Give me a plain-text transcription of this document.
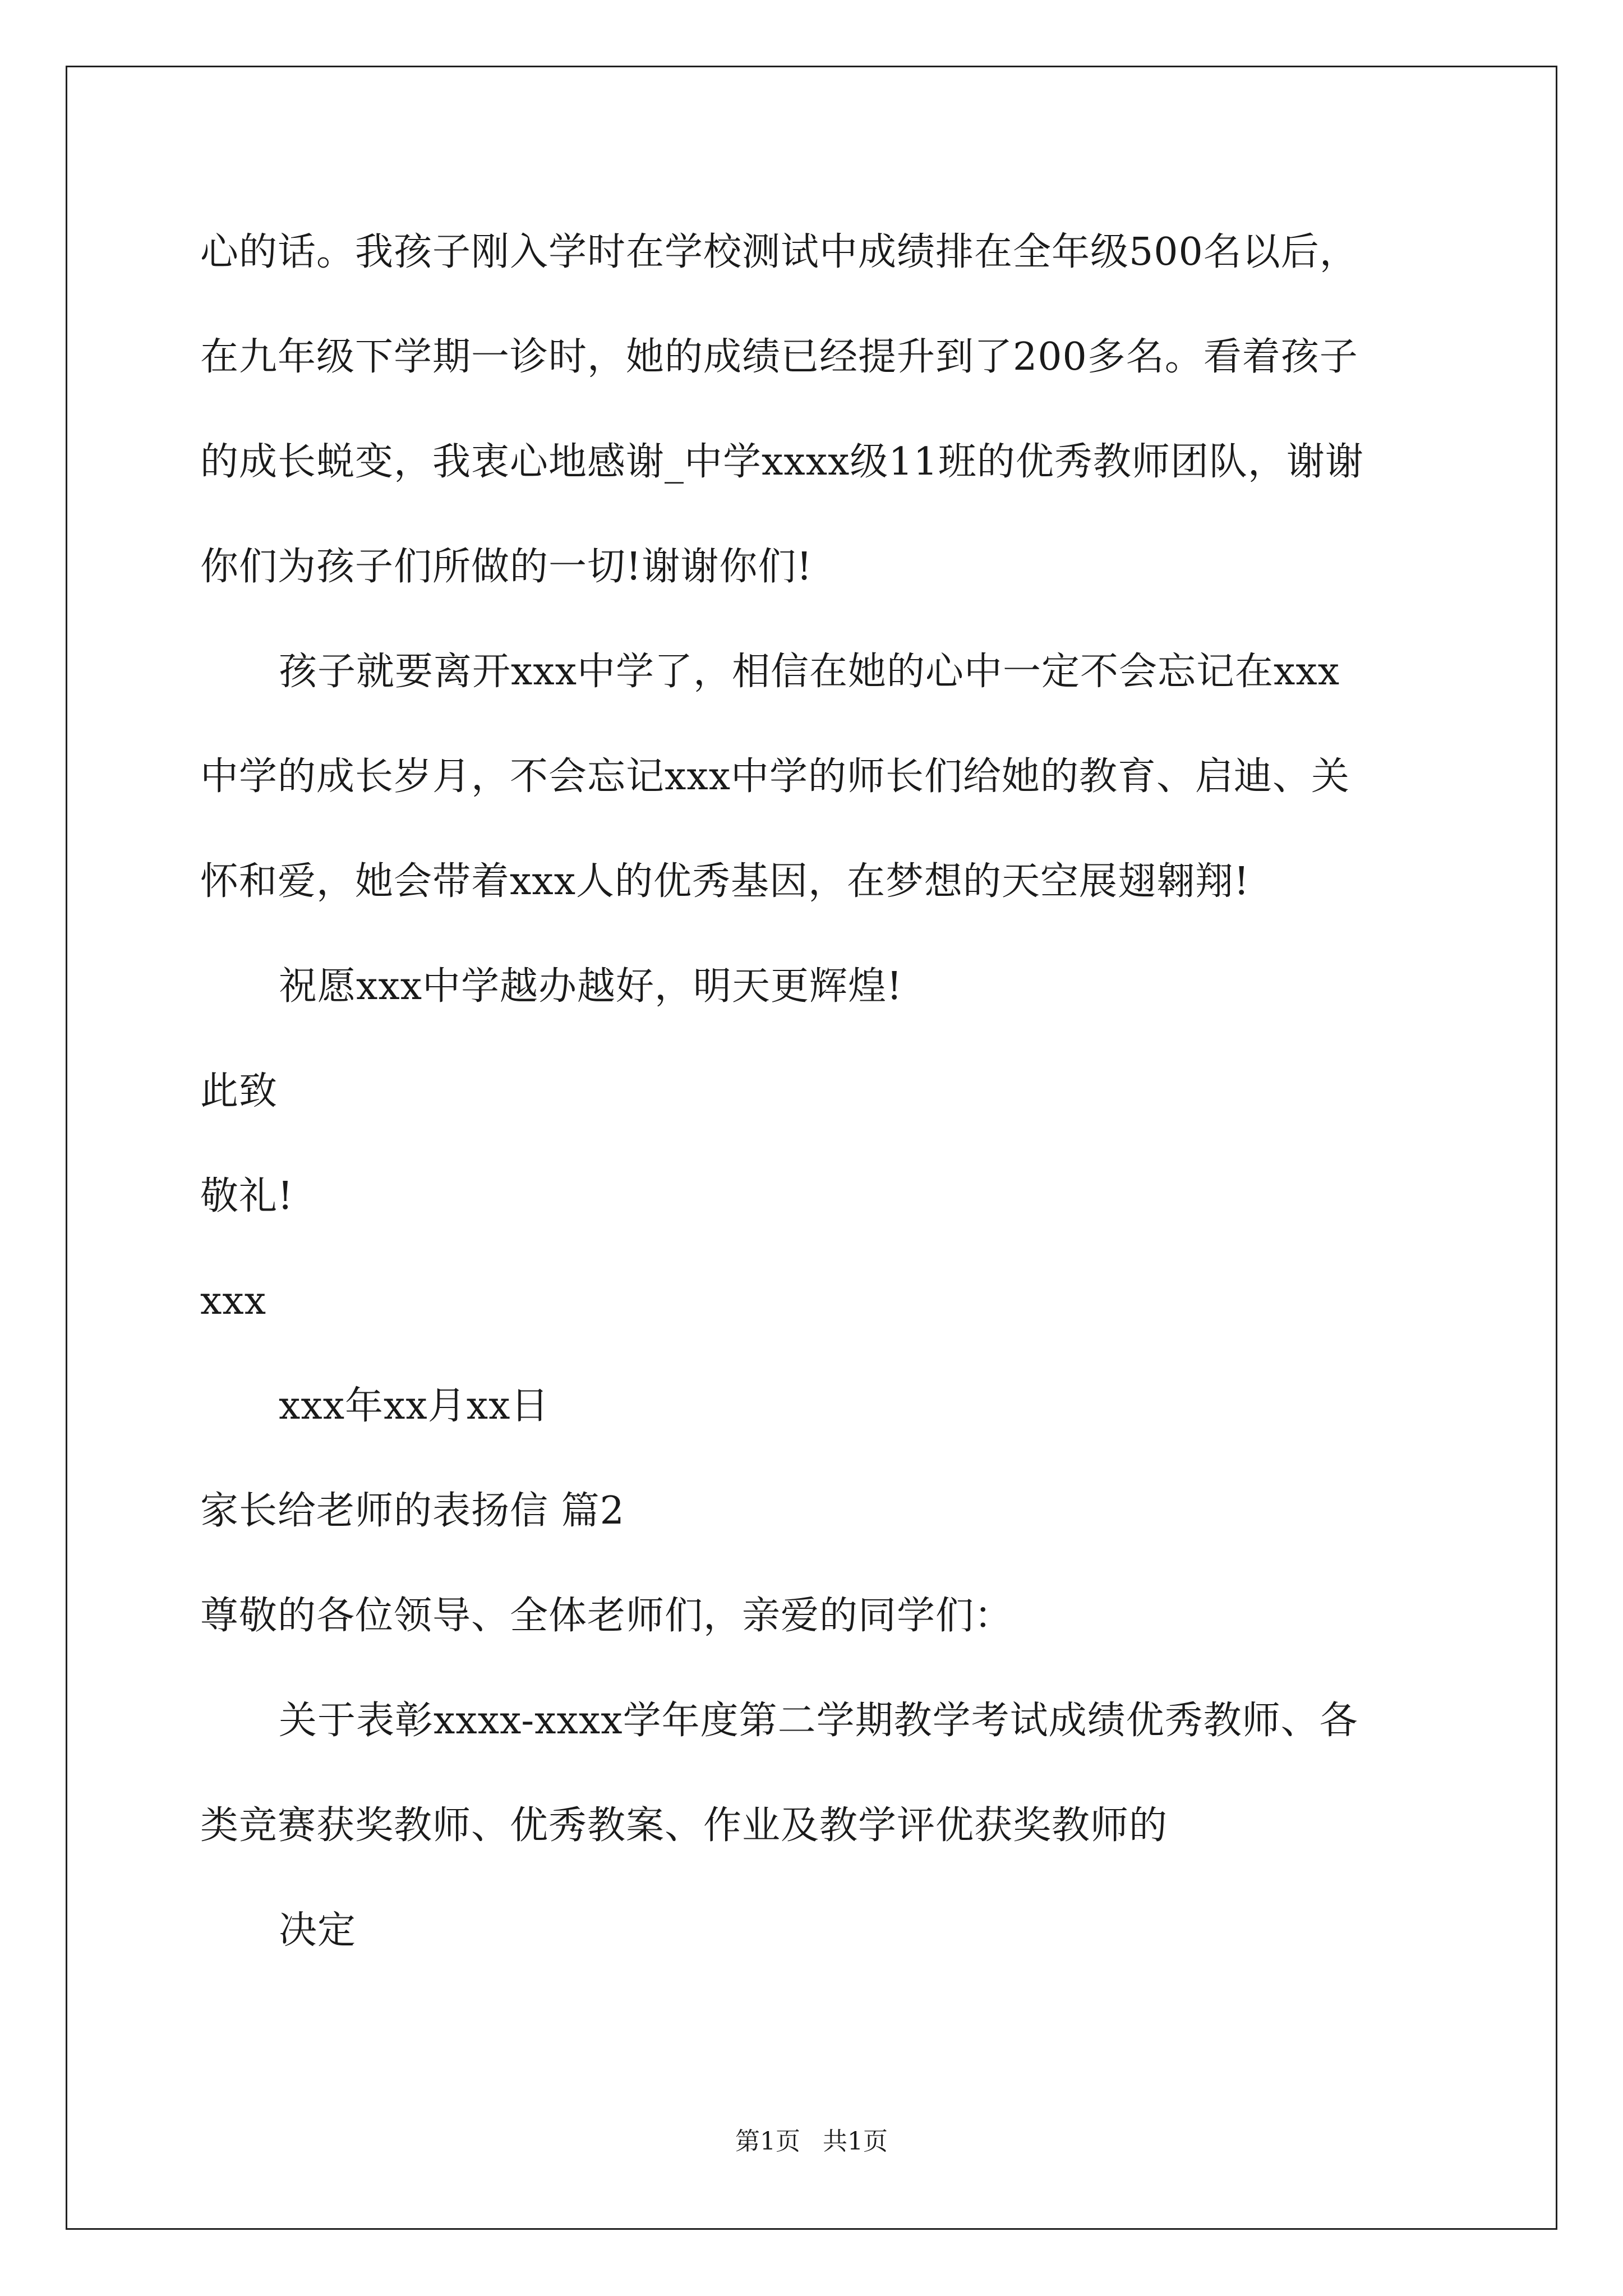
心的话。我孩子刚入学时在学校测试中成绩排在全年级500名以后，
在九年级下学期一诊时，她的成绩已经提升到了200多名。看着孩子
的成长蜕变，我衷心地感谢_中学xxxx级11班的优秀教师团队，谢谢
你们为孩子们所做的一切!谢谢你们!
孩子就要离开xxx中学了，相信在她的心中一定不会忘记在xxx
中学的成长岁月，不会忘记xxx中学的师长们给她的教育、启迪、关
怀和爱，她会带着xxx人的优秀基因，在梦想的天空展翅翱翔!
祝愿xxx中学越办越好，明天更辉煌!
此致
敬礼!
xxx
xxx年xx月xx日
家长给老师的表扬信 篇2
尊敬的各位领导、全体老师们，亲爱的同学们：
关于表彰xxxx-xxxx学年度第二学期教学考试成绩优秀教师、各
类竞赛获奖教师、优秀教案、作业及教学评优获奖教师的
决定
第1页 共1页
